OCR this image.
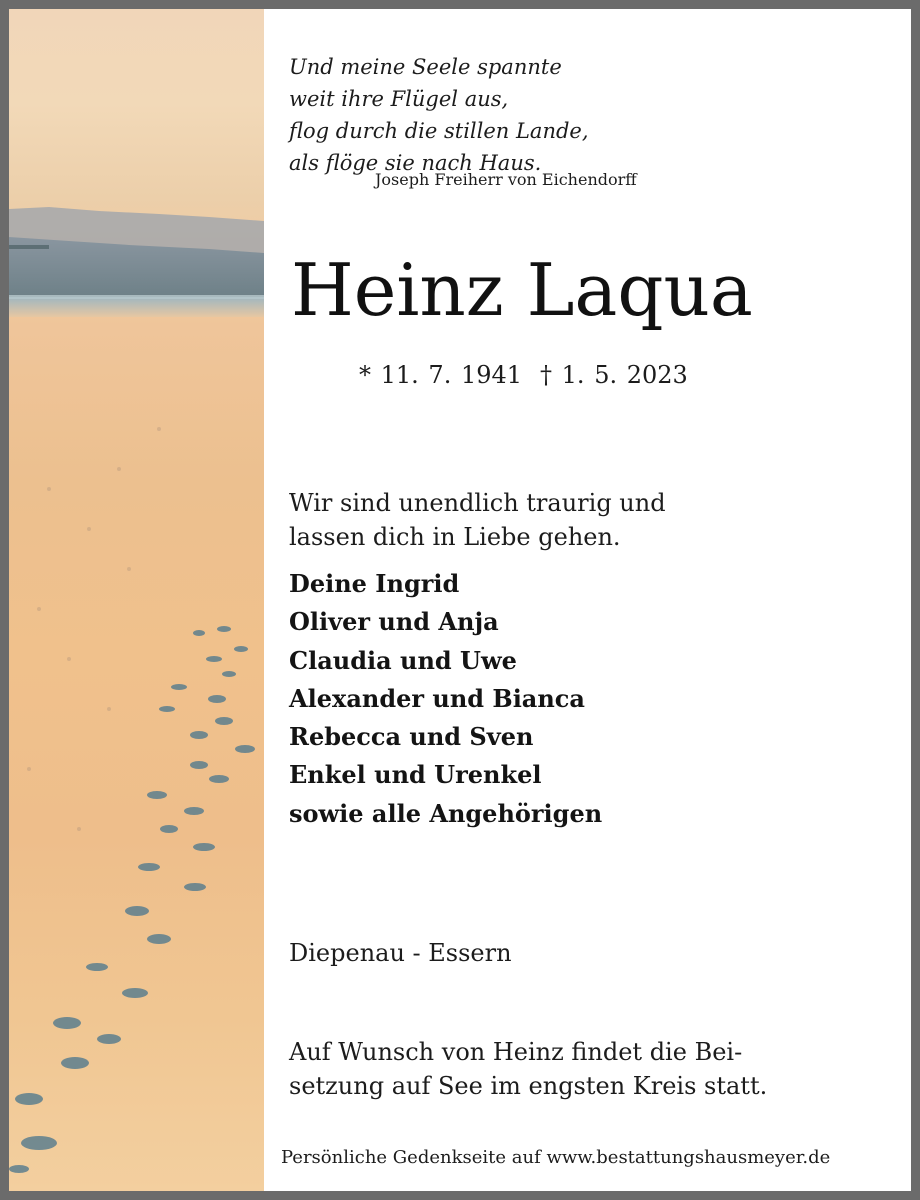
Und meine Seele spannte
weit ihre Flügel aus,
flog durch die stillen Lande,
als flöge sie nach Haus.
Joseph Freiherr von Eichendorff
Heinz Laqua
* 11. 7. 1941 † 1. 5. 2023
Wir sind unendlich traurig und
lassen dich in Liebe gehen.
Deine Ingrid
Oliver und Anja
Claudia und Uwe
Alexander und Bianca
Rebecca und Sven
Enkel und Urenkel
sowie alle Angehörigen
Diepenau - Essern
Auf Wunsch von Heinz findet die Bei-
setzung auf See im engsten Kreis statt.
Persönliche Gedenkseite auf www.bestattungshausmeyer.de
